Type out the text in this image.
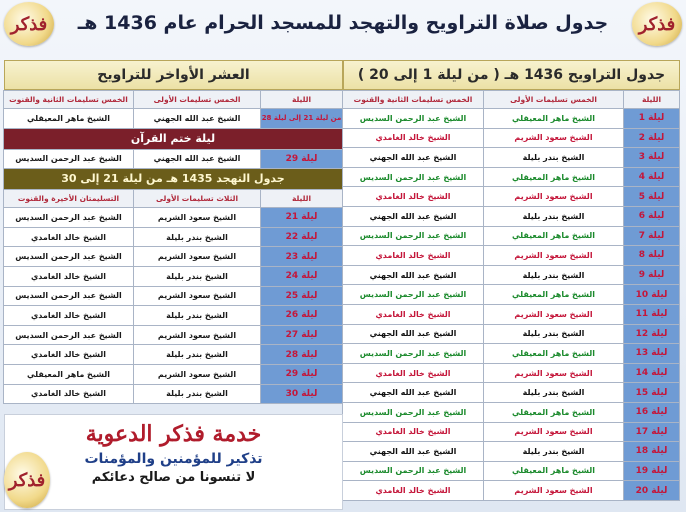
فذكر
فذكر	جدول صلاة التراويح والتهجد للمسجد الحرام عام 1436 هـ
جدول التراويح 1436 هـ ( من ليلة 1 إلى 20 )
الليلة	الخمس تسليمات الأولى	الخمس تسليمات الثانية والقنوت
ليلة 1	الشيخ ماهر المعيقلي	الشيخ عبد الرحمن السديس
ليلة 2	الشيخ سعود الشريم	الشيخ خالد الغامدي
ليلة 3	الشيخ بندر بليلة	الشيخ عبد الله الجهني
ليلة 4	الشيخ ماهر المعيقلي	الشيخ عبد الرحمن السديس
ليلة 5	الشيخ سعود الشريم	الشيخ خالد الغامدي
ليلة 6	الشيخ بندر بليلة	الشيخ عبد الله الجهني
ليلة 7	الشيخ ماهر المعيقلي	الشيخ عبد الرحمن السديس
ليلة 8	الشيخ سعود الشريم	الشيخ خالد الغامدي
ليلة 9	الشيخ بندر بليلة	الشيخ عبد الله الجهني
ليلة 10	الشيخ ماهر المعيقلي	الشيخ عبد الرحمن السديس
ليلة 11	الشيخ سعود الشريم	الشيخ خالد الغامدي
ليلة 12	الشيخ بندر بليلة	الشيخ عبد الله الجهني
ليلة 13	الشيخ ماهر المعيقلي	الشيخ عبد الرحمن السديس
ليلة 14	الشيخ سعود الشريم	الشيخ خالد الغامدي
ليلة 15	الشيخ بندر بليلة	الشيخ عبد الله الجهني
ليلة 16	الشيخ ماهر المعيقلي	الشيخ عبد الرحمن السديس
ليلة 17	الشيخ سعود الشريم	الشيخ خالد الغامدي
ليلة 18	الشيخ بندر بليلة	الشيخ عبد الله الجهني
ليلة 19	الشيخ ماهر المعيقلي	الشيخ عبد الرحمن السديس
ليلة 20	الشيخ سعود الشريم	الشيخ خالد الغامدي
العشر الأواخر للتراويح
الليلة	الخمس تسليمات الأولى	الخمس تسليمات الثانية والقنوت
من ليلة 21 إلى ليلة 28	الشيخ عبد الله الجهني	الشيخ ماهر المعيقلي
ليلة ختم القرآن		
ليلة 29	الشيخ عبد الله الجهني	الشيخ عبد الرحمن السديس
جدول التهجد 1435 هـ من ليلة 21 إلى 30		
الليلة	الثلاث تسليمات الأولى	التسليمتان الأخيرة والقنوت
ليلة 21	الشيخ سعود الشريم	الشيخ عبد الرحمن السديس
ليلة 22	الشيخ بندر بليلة	الشيخ خالد الغامدي
ليلة 23	الشيخ سعود الشريم	الشيخ عبد الرحمن السديس
ليلة 24	الشيخ بندر بليلة	الشيخ خالد الغامدي
ليلة 25	الشيخ سعود الشريم	الشيخ عبد الرحمن السديس
ليلة 26	الشيخ بندر بليلة	الشيخ خالد الغامدي
ليلة 27	الشيخ سعود الشريم	الشيخ عبد الرحمن السديس
ليلة 28	الشيخ بندر بليلة	الشيخ خالد الغامدي
ليلة 29	الشيخ سعود الشريم	الشيخ ماهر المعيقلي
ليلة 30	الشيخ بندر بليلة	الشيخ خالد الغامدي
خدمة فذكر الدعوية
تذكير للمؤمنين والمؤمنات
لا تنسونا من صالح دعائكم
فذكر
